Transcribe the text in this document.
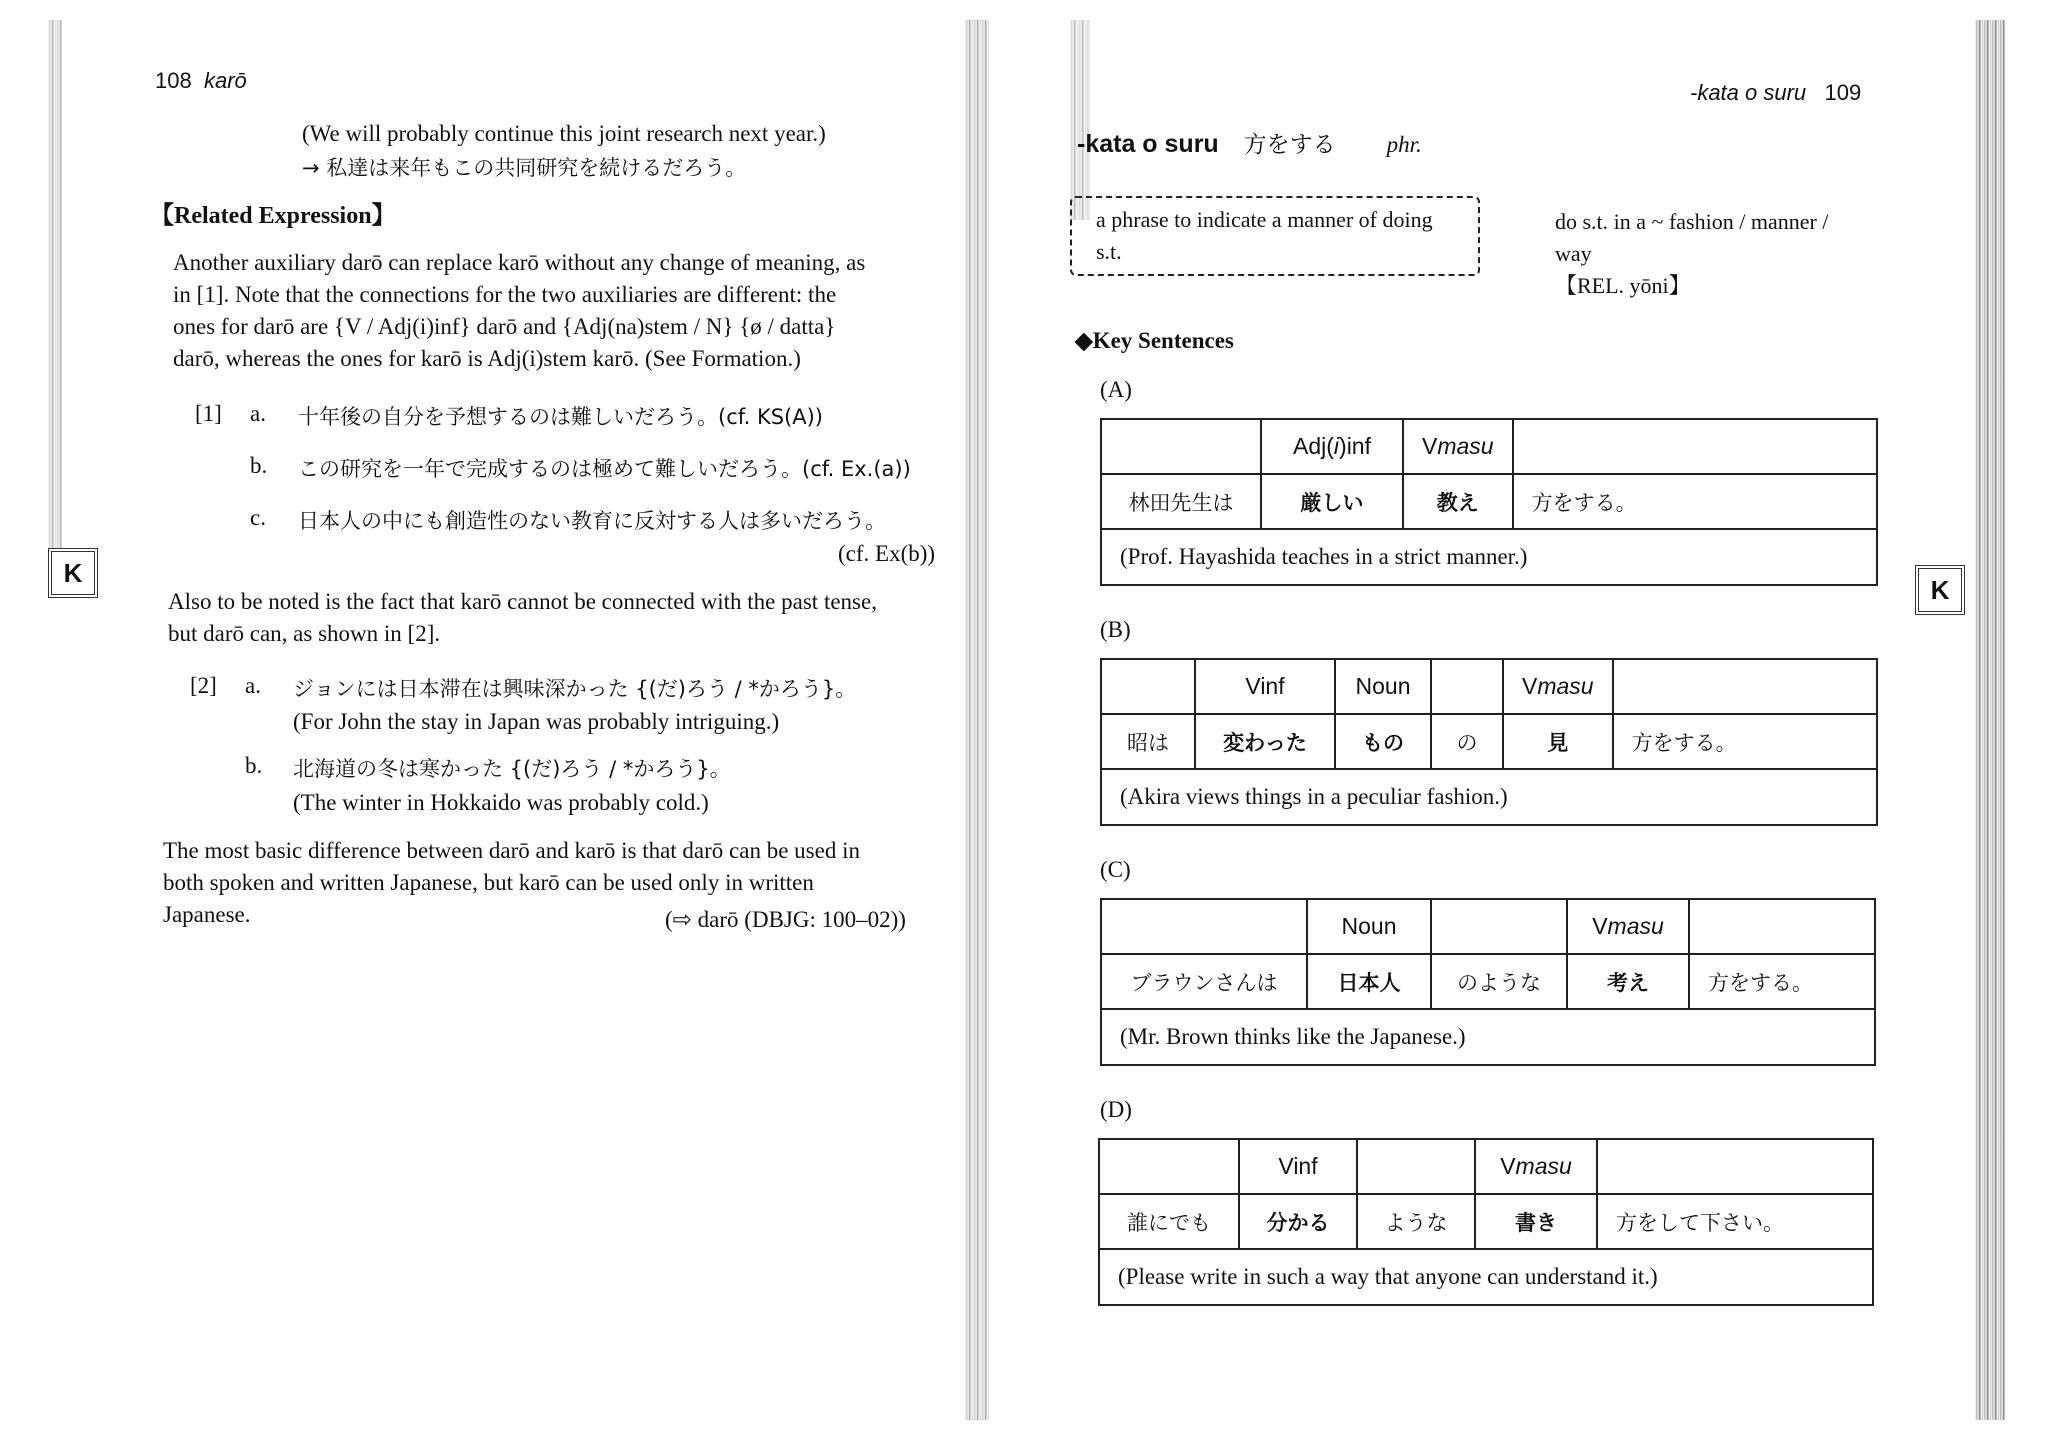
K
K
108 karō
(We will probably continue this joint research next year.)
→ 私達は来年もこの共同研究を続けるだろう。
【Related Expression】
Another auxiliary darō can replace karō without any change of meaning, as
in [1]. Note that the connections for the two auxiliaries are different: the
ones for darō are {V / Adj(i)inf} darō and {Adj(na)stem / N} {ø / datta}
darō, whereas the ones for karō is Adj(i)stem karō. (See Formation.)
[1] a. 十年後の自分を予想するのは難しいだろう。(cf. KS(A))
b. この研究を一年で完成するのは極めて難しいだろう。(cf. Ex.(a))
c. 日本人の中にも創造性のない教育に反対する人は多いだろう。
(cf. Ex(b))
Also to be noted is the fact that karō cannot be connected with the past tense,
but darō can, as shown in [2].
[2] a. ジョンには日本滞在は興味深かった {(だ)ろう / *かろう}。
(For John the stay in Japan was probably intriguing.)
b. 北海道の冬は寒かった {(だ)ろう / *かろう}。
(The winter in Hokkaido was probably cold.)
The most basic difference between darō and karō is that darō can be used in
both spoken and written Japanese, but karō can be used only in written
Japanese.	(⇨ darō (DBJG: 100–02))
-kata o suru 109
-kata o suru 方をする phr.
a phrase to indicate a manner of doing s.t.
do s.t. in a ~ fashion / manner /
way
【REL. yōni】
◆Key Sentences
(A)
	Adj(i)inf	Vmasu	
林田先生は	厳しい	教え	方をする。
(Prof. Hayashida teaches in a strict manner.)			
(B)
	Vinf	Noun		Vmasu	
昭は	変わった	もの	の	見	方をする。
(Akira views things in a peculiar fashion.)					
(C)
	Noun		Vmasu	
ブラウンさんは	日本人	のような	考え	方をする。
(Mr. Brown thinks like the Japanese.)				
(D)
	Vinf		Vmasu	
誰にでも	分かる	ような	書き	方をして下さい。
(Please write in such a way that anyone can understand it.)				
